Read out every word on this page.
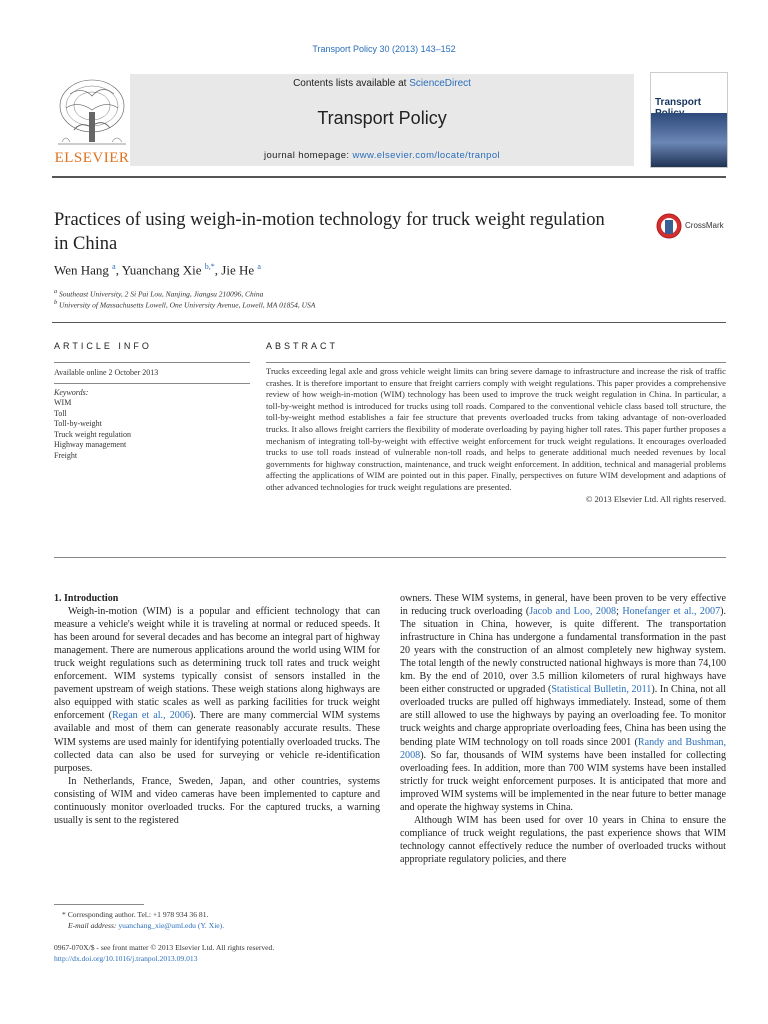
Transport Policy 30 (2013) 143–152
Contents lists available at ScienceDirect
Transport Policy
journal homepage: www.elsevier.com/locate/tranpol
ELSEVIER
Transport
Practices of using weigh-in-motion technology for truck weight regulation in China
CrossMark
Wen Hang $^a$, Yuanchang Xie $^{b,*}$, Jie He $^a$
$^a$ Southeast University, 2 Si Pai Lou, Nanjing, Jiangsu 210096, China
$^b$ University of Massachusetts Lowell, One University Avenue, Lowell, MA 01854, USA
ARTICLE INFO	ABSTRACT
Available online 2 October 2013
Keywords:
WIM
Toll
Toll-by-weight
Truck weight regulation
Highway management
Freight
Trucks exceeding legal axle and gross vehicle weight limits can bring severe damage to infrastructure and increase the risk of traffic crashes. It is therefore important to ensure that freight carriers comply with weight regulations. This paper provides a comprehensive review of how weigh-in-motion (WIM) technology has been used to improve the truck weight regulation in China. In particular, a toll-by-weight method is introduced for trucks using toll roads. Compared to the conventional vehicle class based toll structure, the toll-by-weight method establishes a fair fee structure that prevents overloaded trucks from taking advantage of non-overloaded trucks. It also allows freight carriers the flexibility of moderate overloading by paying higher toll rates. This paper further proposes a mechanism of integrating toll-by-weight with effective weight enforcement for truck weight regulations. It encourages overloaded trucks to use toll roads instead of vulnerable non-toll roads, and helps to generate additional much needed revenues by local governments for highway construction, maintenance, and truck weight enforcement. In addition, technical and managerial problems affecting the applications of WIM are pointed out in this paper. Finally, perspectives on future WIM development and adaptions of other advanced technologies for truck weight regulations are presented.
© 2013 Elsevier Ltd. All rights reserved.

1. Introduction

Weigh-in-motion (WIM) is a popular and efficient technology that can measure a vehicle's weight while it is traveling at normal or reduced speeds. It has been around for several decades and has become an integral part of highway management. There are numerous applications around the world using WIM for truck weight regulations such as determining truck toll rates and truck weight enforcement. WIM systems typically consist of sensors installed in the pavement upstream of weigh stations. These weigh stations along highways are also equipped with static scales as well as parking facilities for truck weight enforcement (Regan et al., 2006). There are many commercial WIM systems available and most of them can generate reasonably accurate results. These WIM systems are used mainly for identifying potentially overloaded trucks. The collected data can also be used for surveying or vehicle re-identification purposes.

In Netherlands, France, Sweden, Japan, and other countries, systems consisting of WIM and video cameras have been implemented to capture and continuously monitor overloaded trucks. For the captured trucks, a warning usually is sent to the registered

owners. These WIM systems, in general, have been proven to be very effective in reducing truck overloading (Jacob and Loo, 2008; Honefanger et al., 2007). The situation in China, however, is quite different. The transportation infrastructure in China has undergone a fundamental transformation in the past 20 years with the construction of an almost completely new highway system. The total length of the newly constructed national highways is more than 74,100 km. By the end of 2010, over 3.5 million kilometers of rural highways have been either constructed or upgraded (Statistical Bulletin, 2011). In China, not all overloaded trucks are pulled off highways immediately. Instead, some of them are still allowed to use the highways by paying an overloading fee. To monitor truck weights and charge appropriate overloading fees, China has been using the bending plate WIM technology on toll roads since 2001 (Randy and Bushman, 2008). So far, thousands of WIM systems have been installed for collecting overloading fees. In addition, more than 700 WIM systems have been installed strictly for truck weight enforcement purposes. It is anticipated that more and improved WIM systems will be implemented in the near future to better manage and operate the highway systems in China.

Although WIM has been used for over 10 years in China to ensure the compliance of truck weight regulations, the past experience shows that WIM technology cannot effectively reduce the number of overloaded trucks without appropriate regulatory policies, and there

* Corresponding author. Tel.: +1 978 934 36 81.
E-mail address: yuanchang_xie@uml.edu (Y. Xie).
0967-070X/$ - see front matter © 2013 Elsevier Ltd. All rights reserved.
http://dx.doi.org/10.1016/j.tranpol.2013.09.013
